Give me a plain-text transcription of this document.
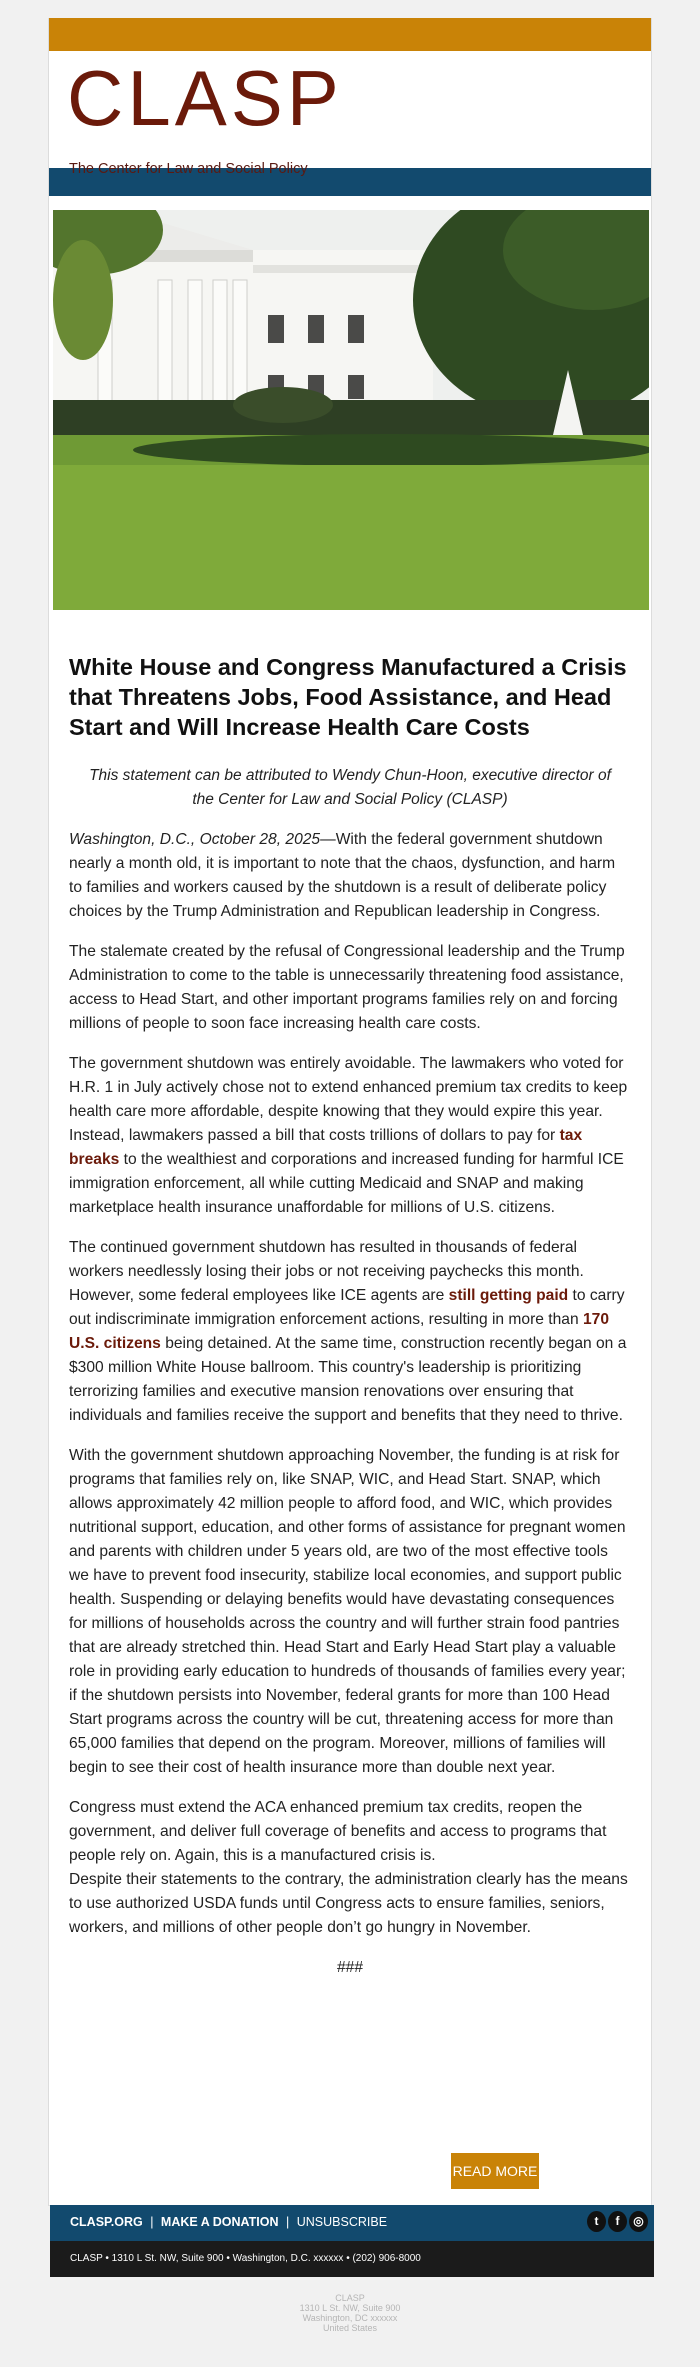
CLASP
The Center for Law and Social Policy
White House and Congress Manufactured a Crisis that Threatens Jobs, Food Assistance, and Head Start and Will Increase Health Care Costs
This statement can be attributed to Wendy Chun-Hoon, executive director of the Center for Law and Social Policy (CLASP)

Washington, D.C., October 28, 2025—With the federal government shutdown nearly a month old, it is important to note that the chaos, dysfunction, and harm to families and workers caused by the shutdown is a result of deliberate policy choices by the Trump Administration and Republican leadership in Congress.

The stalemate created by the refusal of Congressional leadership and the Trump Administration to come to the table is unnecessarily threatening food assistance, access to Head Start, and other important programs families rely on and forcing millions of people to soon face increasing health care costs.

The government shutdown was entirely avoidable. The lawmakers who voted for H.R. 1 in July actively chose not to extend enhanced premium tax credits to keep health care more affordable, despite knowing that they would expire this year. Instead, lawmakers passed a bill that costs trillions of dollars to pay for tax breaks to the wealthiest and corporations and increased funding for harmful ICE immigration enforcement, all while cutting Medicaid and SNAP and making marketplace health insurance unaffordable for millions of U.S. citizens.

The continued government shutdown has resulted in thousands of federal workers needlessly losing their jobs or not receiving paychecks this month. However, some federal employees like ICE agents are still getting paid to carry out indiscriminate immigration enforcement actions, resulting in more than 170 U.S. citizens being detained. At the same time, construction recently began on a $300 million White House ballroom. This country's leadership is prioritizing terrorizing families and executive mansion renovations over ensuring that individuals and families receive the support and benefits that they need to thrive.

With the government shutdown approaching November, the funding is at risk for programs that families rely on, like SNAP, WIC, and Head Start. SNAP, which allows approximately 42 million people to afford food, and WIC, which provides nutritional support, education, and other forms of assistance for pregnant women and parents with children under 5 years old, are two of the most effective tools we have to prevent food insecurity, stabilize local economies, and support public health. Suspending or delaying benefits would have devastating consequences for millions of households across the country and will further strain food pantries that are already stretched thin. Head Start and Early Head Start play a valuable role in providing early education to hundreds of thousands of families every year; if the shutdown persists into November, federal grants for more than 100 Head Start programs across the country will be cut, threatening access for more than 65,000 families that depend on the program. Moreover, millions of families will begin to see their cost of health insurance more than double next year.

Congress must extend the ACA enhanced premium tax credits, reopen the government, and deliver full coverage of benefits and access to programs that people rely on. Again, this is a manufactured crisis is.
Despite their statements to the contrary, the administration clearly has the means to use authorized USDA funds until Congress acts to ensure families, seniors, workers, and millions of other people don’t go hungry in November.

###
READ MORE
CLASP.ORG | MAKE A DONATION | UNSUBSCRIBE	t	f	◎
CLASP • 1310 L St. NW, Suite 900 • Washington, D.C. xxxxxx • (202) 906-8000
CLASP
1310 L St. NW, Suite 900
Washington, DC xxxxxx
United States
